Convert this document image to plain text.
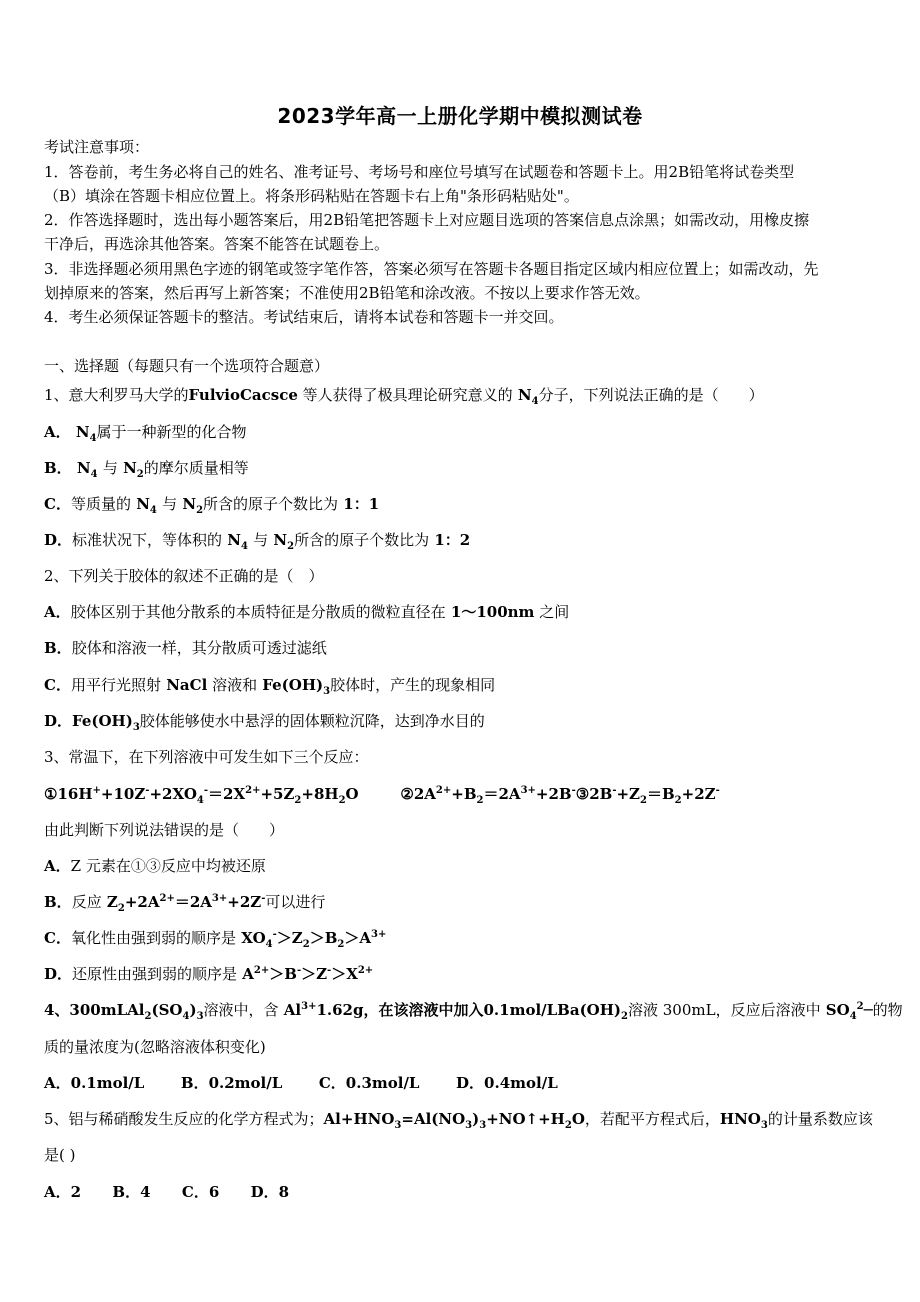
2023学年高一上册化学期中模拟测试卷
考试注意事项：
1．答卷前，考生务必将自己的姓名、准考证号、考场号和座位号填写在试题卷和答题卡上。用2B铅笔将试卷类型
（B）填涂在答题卡相应位置上。将条形码粘贴在答题卡右上角"条形码粘贴处"。
2．作答选择题时，选出每小题答案后，用2B铅笔把答题卡上对应题目选项的答案信息点涂黑；如需改动，用橡皮擦
干净后，再选涂其他答案。答案不能答在试题卷上。
3．非选择题必须用黑色字迹的钢笔或签字笔作答，答案必须写在答题卡各题目指定区域内相应位置上；如需改动，先
划掉原来的答案，然后再写上新答案；不准使用2B铅笔和涂改液。不按以上要求作答无效。
4．考生必须保证答题卡的整洁。考试结束后，请将本试卷和答题卡一并交回。
一、选择题（每题只有一个选项符合题意）
1、意大利罗马大学的FulvioCacsce 等人获得了极具理论研究意义的 $N_4$分子，下列说法正确的是（　　）
A． $N_4$属于一种新型的化合物
B． $N_4$ 与 $N_2$的摩尔质量相等
C．等质量的 $N_4$ 与 $N_2$所含的原子个数比为 1：1
D．标准状况下，等体积的 $N_4$ 与 $N_2$所含的原子个数比为 1：2
2、下列关于胶体的叙述不正确的是（　）
A．胶体区别于其他分散系的本质特征是分散质的微粒直径在 1～100nm 之间
B．胶体和溶液一样，其分散质可透过滤纸
C．用平行光照射 NaCl 溶液和 $Fe(OH)_3$胶体时，产生的现象相同
D．$Fe(OH)_3$胶体能够使水中悬浮的固体颗粒沉降，达到净水目的
3、常温下，在下列溶液中可发生如下三个反应：
$①16H^++10Z^-+2XO_4^-=2X^{2+}+5Z_2+8H_2O$        $②2A^{2+}+B_2=2A^{3+}+2B^-③2B^-+Z_2=B_2+2Z^-$
由此判断下列说法错误的是（　　）
A．Z 元素在①③反应中均被还原
B．反应 $Z_2+2A^{2+}=2A^{3+}+2Z^-$可以进行
C．氧化性由强到弱的顺序是 $XO_4^->Z_2>B_2>A^{3+}$
D．还原性由强到弱的顺序是 $A^{2+}>B^->Z^->X^{2+}$
4、$300mLAl_2(SO_4)_3$溶液中，含 $Al^{3+}1.62g$，在该溶液中加入$0.1mol/LBa(OH)_2$溶液 300mL，反应后溶液中 $SO_4^2─$的物
质的量浓度为(忽略溶液体积变化)
A．0.1mol/L B．0.2mol/L C．0.3mol/L D．0.4mol/L
5、铝与稀硝酸发生反应的化学方程式为；$Al+HNO_3=Al(NO_3)_3+NO↑+H_2O$，若配平方程式后，$HNO_3$的计量系数应该
是( )
A．2 B．4 C．6 D．8
